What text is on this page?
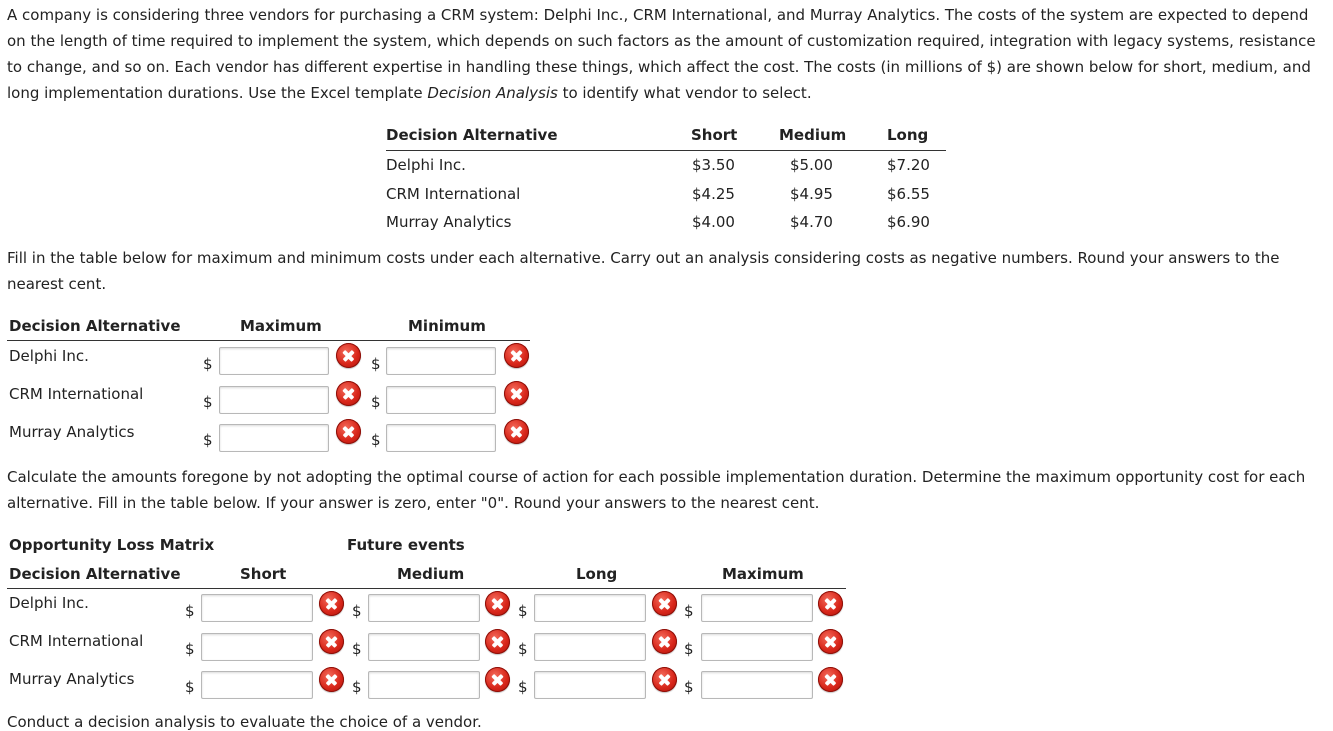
A company is considering three vendors for purchasing a CRM system: Delphi Inc., CRM International, and Murray Analytics. The costs of the system are expected to depend on the length of time required to implement the system, which depends on such factors as the amount of customization required, integration with legacy systems, resistance to change, and so on. Each vendor has different expertise in handling these things, which affect the cost. The costs (in millions of $) are shown below for short, medium, and long implementation durations. Use the Excel template Decision Analysis to identify what vendor to select.
Decision Alternative	Short	Medium	Long
Delphi Inc.	$3.50	$5.00	$7.20
CRM International	$4.25	$4.95	$6.55
Murray Analytics	$4.00	$4.70	$6.90
Fill in the table below for maximum and minimum costs under each alternative. Carry out an analysis considering costs as negative numbers. Round your answers to the nearest cent.
Decision Alternative	Maximum	Minimum
Delphi Inc.	$	$
CRM International	$	$
Murray Analytics	$	$
Calculate the amounts foregone by not adopting the optimal course of action for each possible implementation duration. Determine the maximum opportunity cost for each alternative. Fill in the table below. If your answer is zero, enter "0". Round your answers to the nearest cent.
Opportunity Loss Matrix	Future events
Decision Alternative	Short	Medium	Long	Maximum
Delphi Inc.	$	$	$	$
CRM International	$	$	$	$
Murray Analytics	$	$	$	$
Conduct a decision analysis to evaluate the choice of a vendor.
